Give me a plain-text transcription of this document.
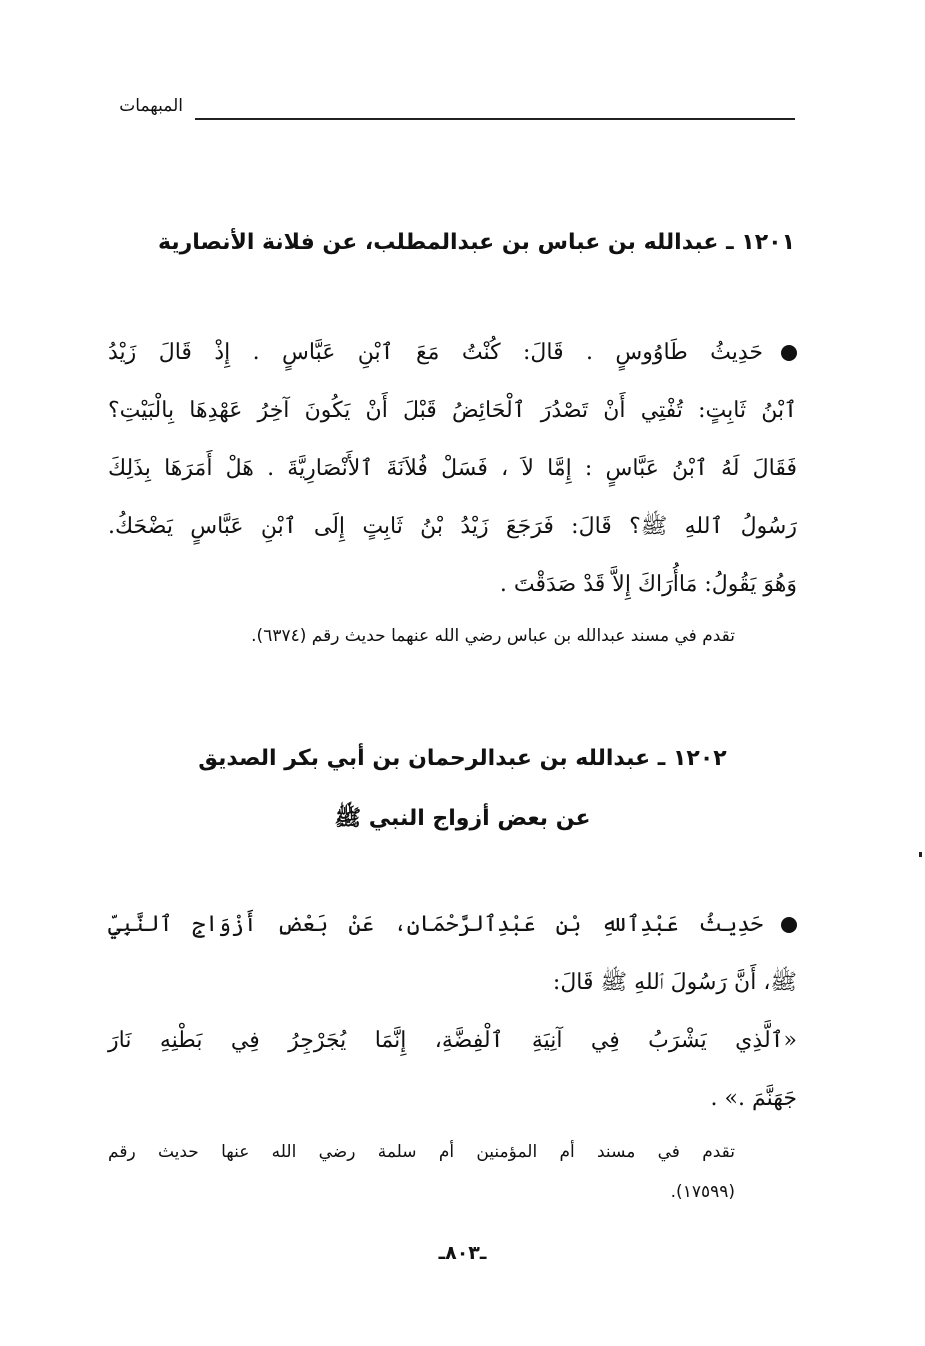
المبهمات
١٢٠١ ـ عبدالله بن عباس بن عبدالمطلب، عن فلانة الأنصارية
حَدِيثُ طَاوُوسٍ . قَالَ: كُنْتُ مَعَ ٱبْنِ عَبَّاسٍ . إِذْ قَالَ زَيْدُ
ٱبْنُ ثَابِتٍ: تُفْتِي أَنْ تَصْدُرَ ٱلْحَائِضُ قَبْلَ أَنْ يَكُونَ آخِرُ عَهْدِهَا بِالْبَيْتِ؟
فَقَالَ لَهُ ٱبْنُ عَبَّاسٍ : إِمَّا لاَ ، فَسَلْ فُلاَنَةَ ٱلأَنْصَارِيَّةَ . هَلْ أَمَرَهَا بِذَلِكَ
رَسُولُ ٱللهِ ﷺ؟ قَالَ: فَرَجَعَ زَيْدُ بْنُ ثَابِتٍ إِلَى ٱبْنِ عَبَّاسٍ يَضْحَكُ.
وَهُوَ يَقُولُ: مَاأُرَاكَ إِلاَّ قَدْ صَدَقْتَ .
تقدم في مسند عبدالله بن عباس رضي الله عنهما حديث رقم (٦٣٧٤).
١٢٠٢ ـ عبدالله بن عبدالرحمان بن أبي بكر الصديق
عن بعض أزواج النبي ﷺ
حَدِيثُ عَبْدِٱللهِ بْنِ عَبْدِٱلرَّحْمَانِ، عَنْ بَعْضِ أَزْوَاجِ ٱلنَّبِيِّ
ﷺ، أَنَّ رَسُولَ ٱللهِ ﷺ قَالَ:
«ٱلَّذِي يَشْرَبُ فِي آنِيَةِ ٱلْفِضَّةِ، إِنَّمَا يُجَرْجِرُ فِي بَطْنِهِ نَارَ
جَهَنَّمَ .» .
تقدم في مسند أم المؤمنين أم سلمة رضي الله عنها حديث رقم
(١٧٥٩٩).
ـ٨٠٣ـ
